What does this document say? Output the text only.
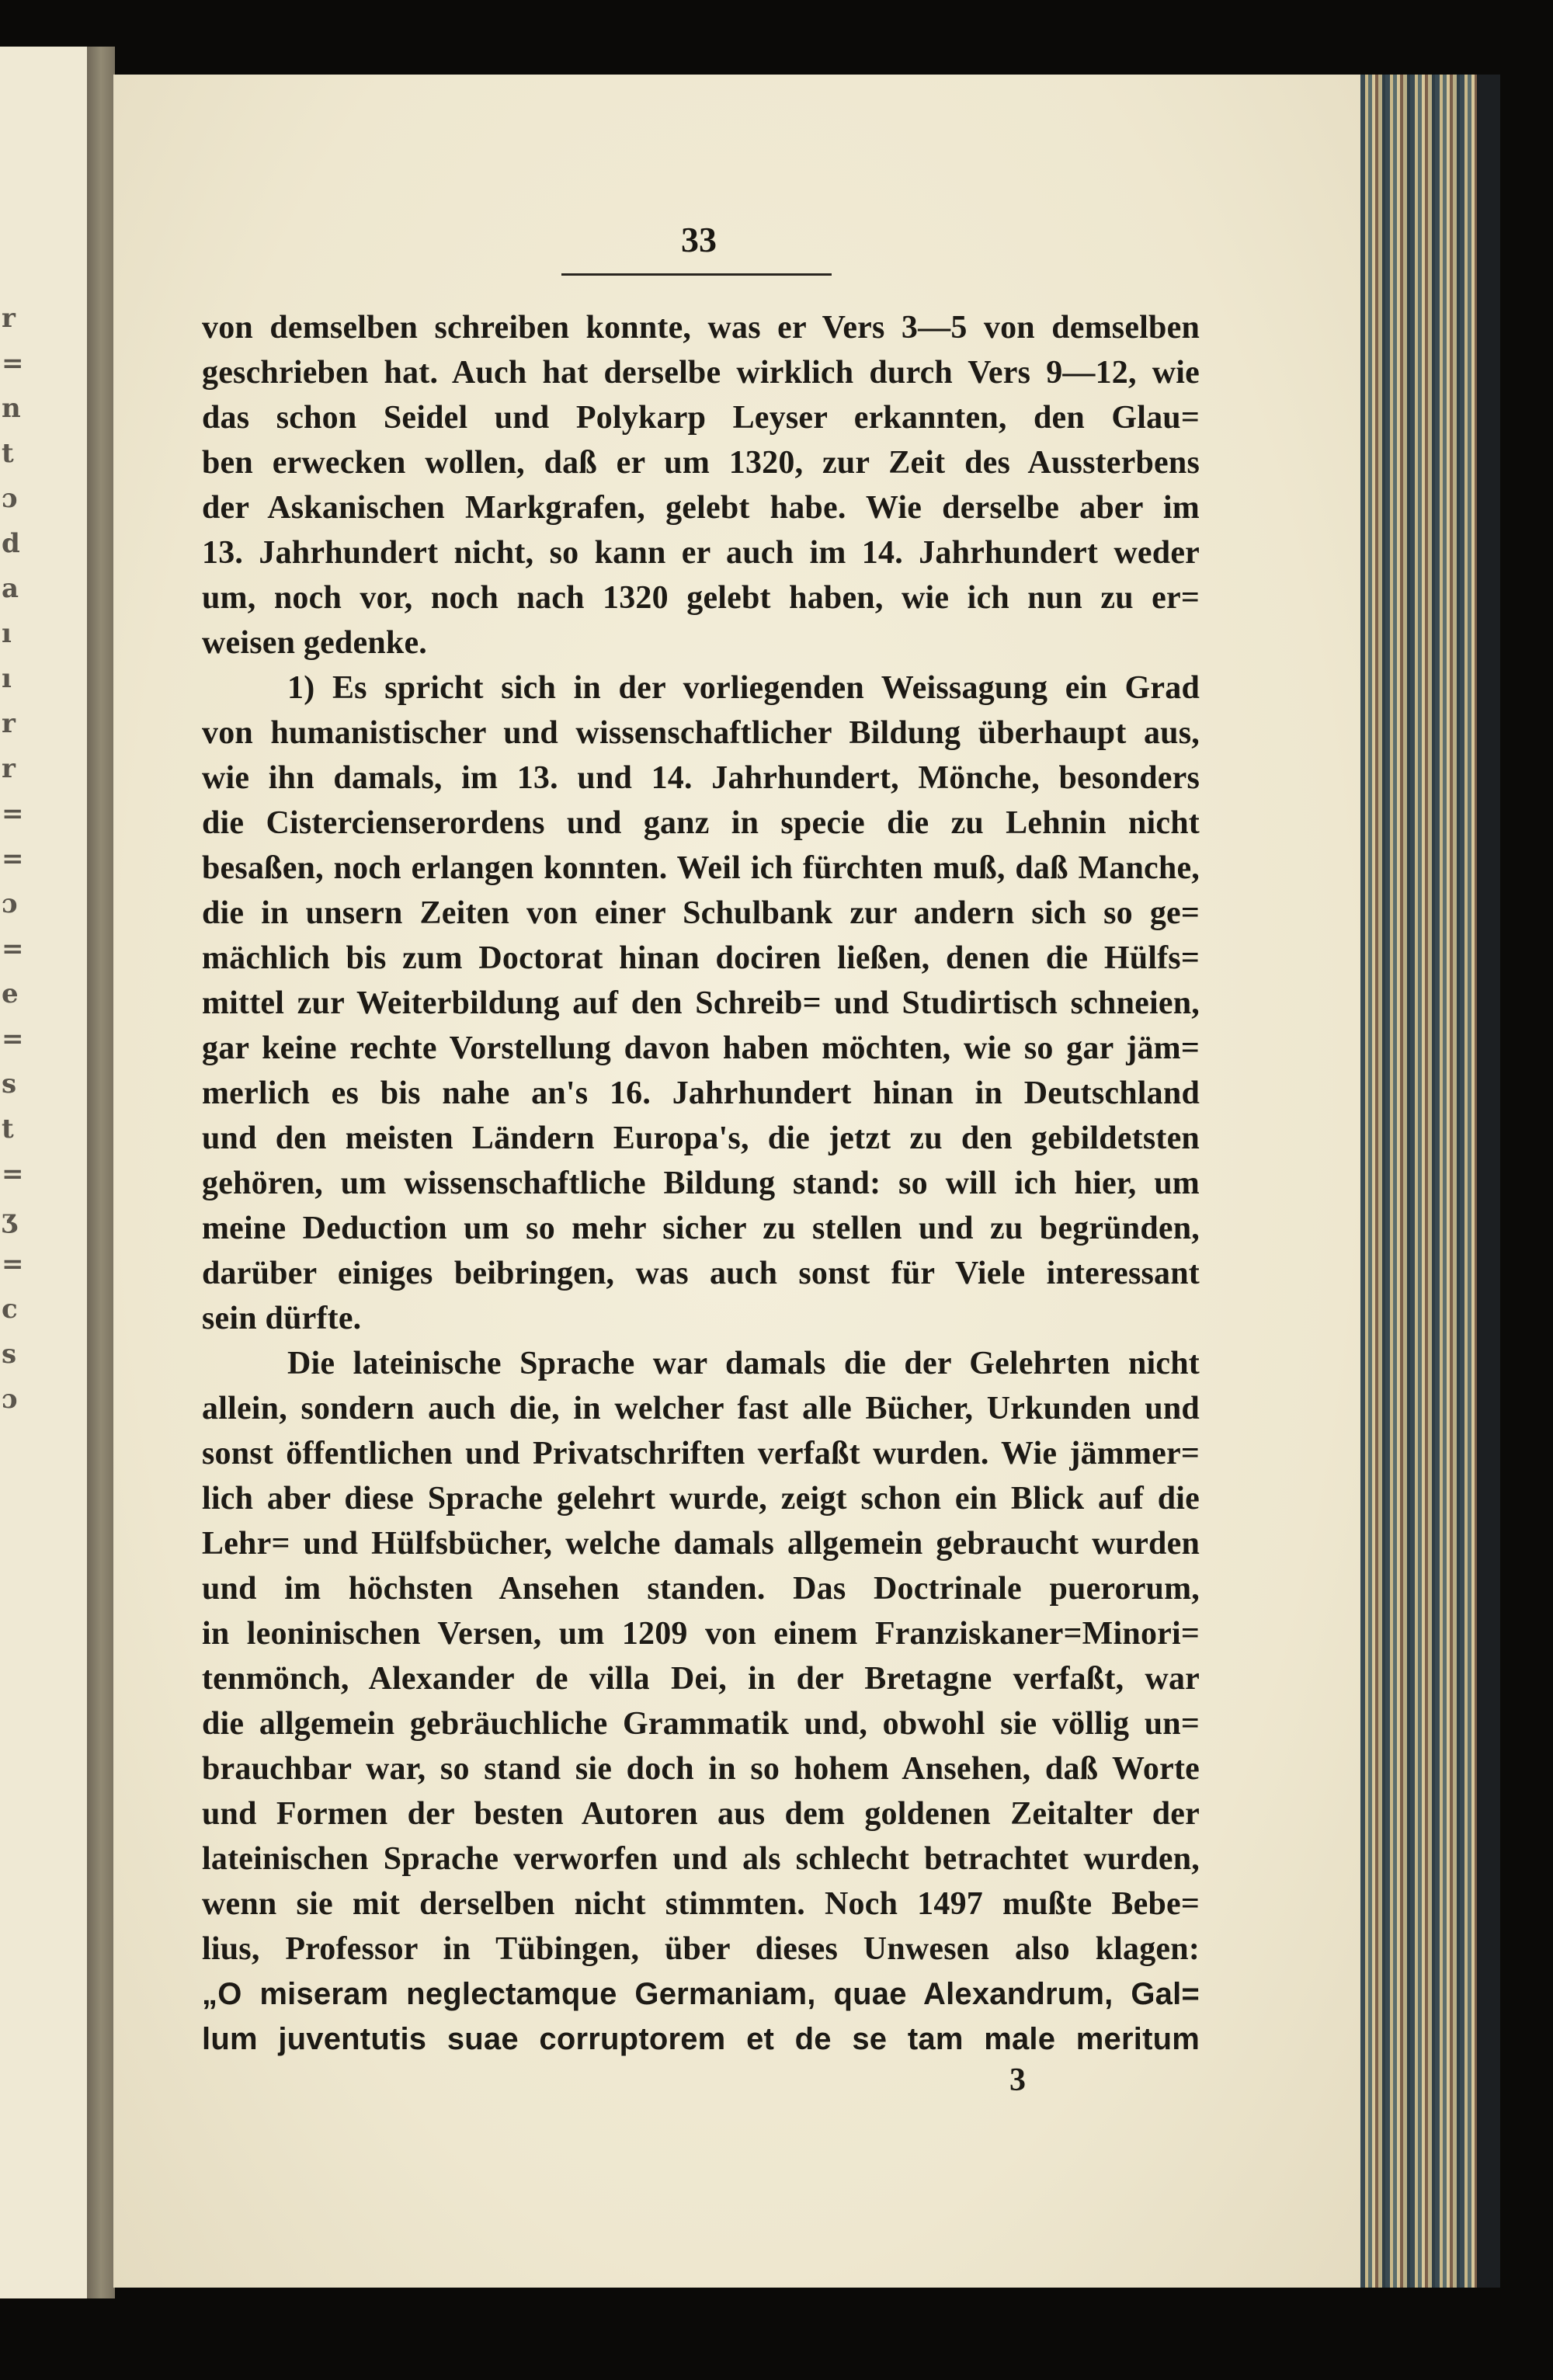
r
=
n
t
ɔ
d
a
ı
ı
r
r
=
=
ɔ
=
e
=
s
t
=
ʒ
=
c
s
ɔ
33
von demselben schreiben konnte, was er Vers 3—5 von demselben
geschrieben hat. Auch hat derselbe wirklich durch Vers 9—12, wie
das schon Seidel und Polykarp Leyser erkannten, den Glau=
ben erwecken wollen, daß er um 1320, zur Zeit des Aussterbens
der Askanischen Markgrafen, gelebt habe. Wie derselbe aber im
13. Jahrhundert nicht, so kann er auch im 14. Jahrhundert weder
um, noch vor, noch nach 1320 gelebt haben, wie ich nun zu er=
weisen gedenke.
1) Es spricht sich in der vorliegenden Weissagung ein Grad
von humanistischer und wissenschaftlicher Bildung überhaupt aus,
wie ihn damals, im 13. und 14. Jahrhundert, Mönche, besonders
die Cistercienserordens und ganz in specie die zu Lehnin nicht
besaßen, noch erlangen konnten. Weil ich fürchten muß, daß Manche,
die in unsern Zeiten von einer Schulbank zur andern sich so ge=
mächlich bis zum Doctorat hinan dociren ließen, denen die Hülfs=
mittel zur Weiterbildung auf den Schreib= und Studirtisch schneien,
gar keine rechte Vorstellung davon haben möchten, wie so gar jäm=
merlich es bis nahe an's 16. Jahrhundert hinan in Deutschland
und den meisten Ländern Europa's, die jetzt zu den gebildetsten
gehören, um wissenschaftliche Bildung stand: so will ich hier, um
meine Deduction um so mehr sicher zu stellen und zu begründen,
darüber einiges beibringen, was auch sonst für Viele interessant
sein dürfte.
Die lateinische Sprache war damals die der Gelehrten nicht
allein, sondern auch die, in welcher fast alle Bücher, Urkunden und
sonst öffentlichen und Privatschriften verfaßt wurden. Wie jämmer=
lich aber diese Sprache gelehrt wurde, zeigt schon ein Blick auf die
Lehr= und Hülfsbücher, welche damals allgemein gebraucht wurden
und im höchsten Ansehen standen. Das Doctrinale puerorum,
in leoninischen Versen, um 1209 von einem Franziskaner=Minori=
tenmönch, Alexander de villa Dei, in der Bretagne verfaßt, war
die allgemein gebräuchliche Grammatik und, obwohl sie völlig un=
brauchbar war, so stand sie doch in so hohem Ansehen, daß Worte
und Formen der besten Autoren aus dem goldenen Zeitalter der
lateinischen Sprache verworfen und als schlecht betrachtet wurden,
wenn sie mit derselben nicht stimmten. Noch 1497 mußte Bebe=
lius, Professor in Tübingen, über dieses Unwesen also klagen:
„O miseram neglectamque Germaniam, quae Alexandrum, Gal=
lum juventutis suae corruptorem et de se tam male meritum
3
